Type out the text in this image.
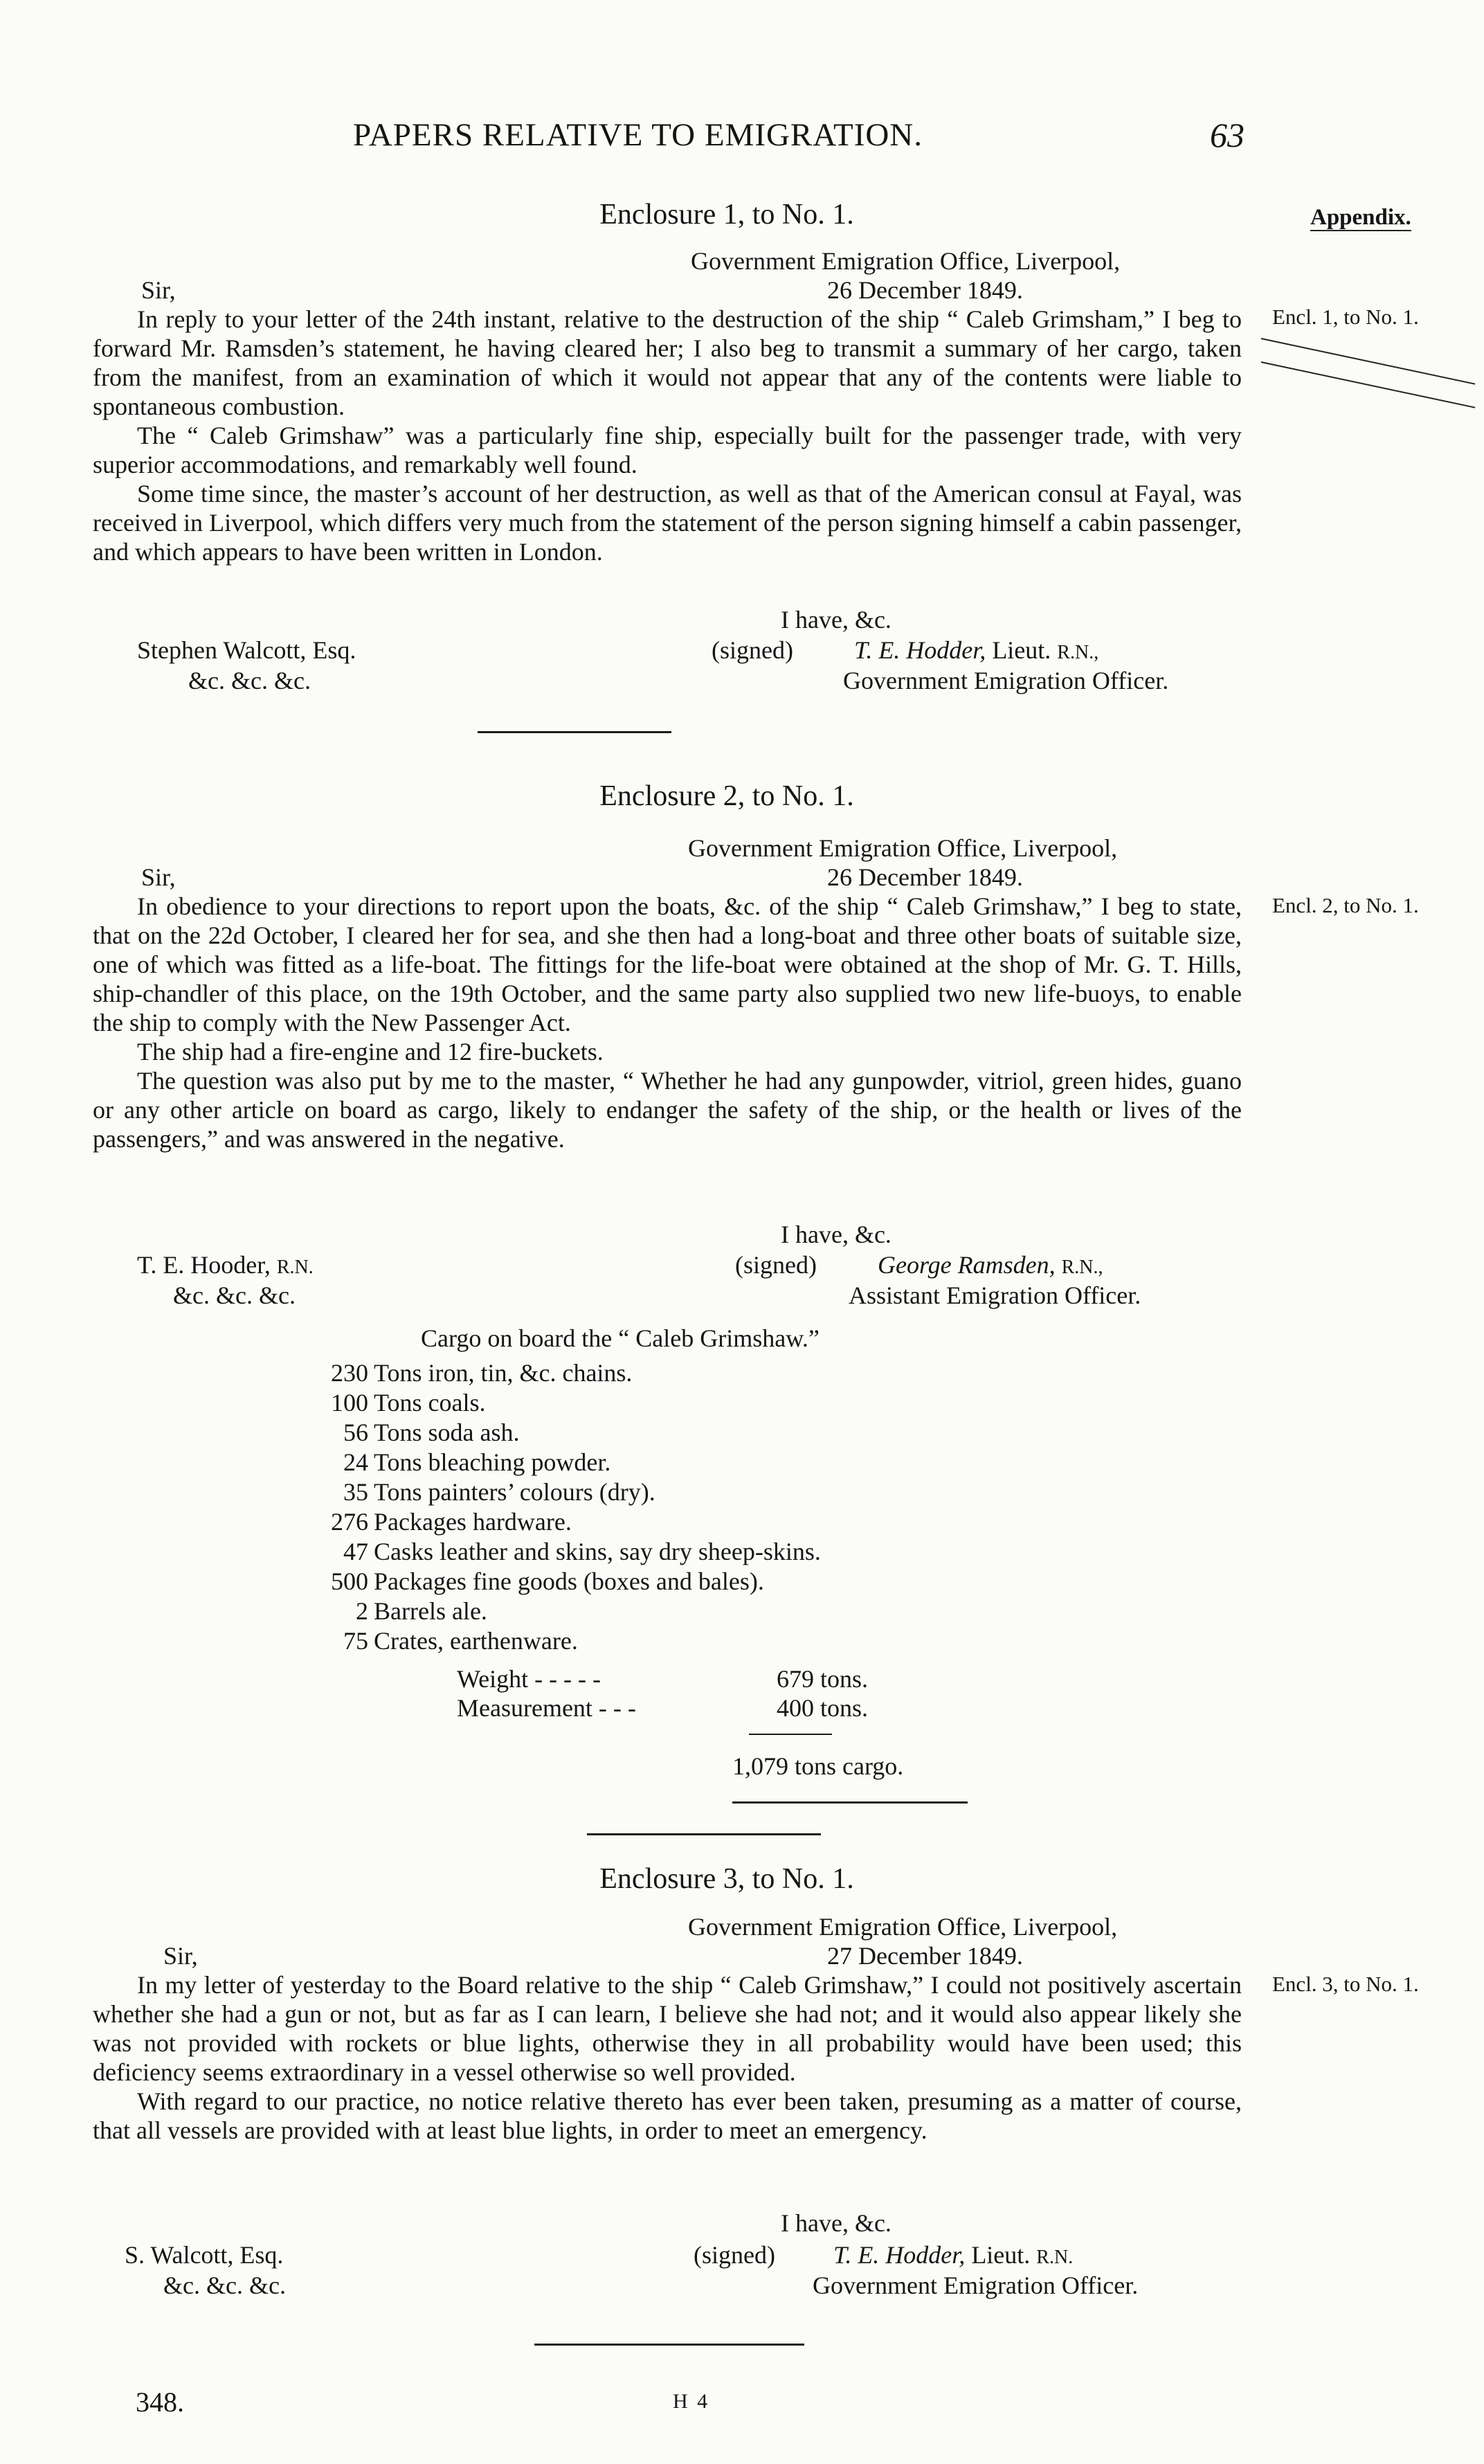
PAPERS RELATIVE TO EMIGRATION.	63
Appendix.
Enclosure 1, to No. 1.
Government Emigration Office, Liverpool,
26 December 1849.
Sir,
Encl. 1, to No. 1.

In reply to your letter of the 24th instant, relative to the destruction of the ship “ Caleb Grimsham,” I beg to forward Mr. Ramsden’s statement, he having cleared her; I also beg to transmit a summary of her cargo, taken from the manifest, from an examination of which it would not appear that any of the contents were liable to spontaneous combustion.

The “ Caleb Grimshaw” was a particularly fine ship, especially built for the passenger trade, with very superior accommodations, and remarkably well found.

Some time since, the master’s account of her destruction, as well as that of the American consul at Fayal, was received in Liverpool, which differs very much from the statement of the person signing himself a cabin passenger, and which appears to have been written in London.

I have, &c.
Stephen Walcott, Esq.
&c. &c. &c.
(signed) T. E. Hodder, Lieut. R.N.,
Government Emigration Officer.
Enclosure 2, to No. 1.
Government Emigration Office, Liverpool,
26 December 1849.
Sir,
Encl. 2, to No. 1.

In obedience to your directions to report upon the boats, &c. of the ship “ Caleb Grimshaw,” I beg to state, that on the 22d October, I cleared her for sea, and she then had a long-boat and three other boats of suitable size, one of which was fitted as a life-boat. The fittings for the life-boat were obtained at the shop of Mr. G. T. Hills, ship-chandler of this place, on the 19th October, and the same party also supplied two new life-buoys, to enable the ship to comply with the New Passenger Act.

The ship had a fire-engine and 12 fire-buckets.

The question was also put by me to the master, “ Whether he had any gunpowder, vitriol, green hides, guano or any other article on board as cargo, likely to endanger the safety of the ship, or the health or lives of the passengers,” and was answered in the negative.

I have, &c.
T. E. Hooder, R.N.
&c. &c. &c.
(signed) George Ramsden, R.N.,
Assistant Emigration Officer.
Cargo on board the “ Caleb Grimshaw.”
230 Tons iron, tin, &c. chains.
100 Tons coals.
56 Tons soda ash.
24 Tons bleaching powder.
35 Tons painters’ colours (dry).
276 Packages hardware.
47 Casks leather and skins, say dry sheep-skins.
500 Packages fine goods (boxes and bales).
2 Barrels ale.
75 Crates, earthenware.
Weight - - - - -	679 tons.
Measurement - - -	400 tons.
1,079 tons cargo.
Enclosure 3, to No. 1.
Government Emigration Office, Liverpool,
27 December 1849.
Sir,
Encl. 3, to No. 1.

In my letter of yesterday to the Board relative to the ship “ Caleb Grimshaw,” I could not positively ascertain whether she had a gun or not, but as far as I can learn, I believe she had not; and it would also appear likely she was not provided with rockets or blue lights, otherwise they in all probability would have been used; this deficiency seems extraordinary in a vessel otherwise so well provided.

With regard to our practice, no notice relative thereto has ever been taken, presuming as a matter of course, that all vessels are provided with at least blue lights, in order to meet an emergency.

I have, &c.
S. Walcott, Esq.
&c. &c. &c.
(signed) T. E. Hodder, Lieut. R.N.
Government Emigration Officer.
348.	H 4
